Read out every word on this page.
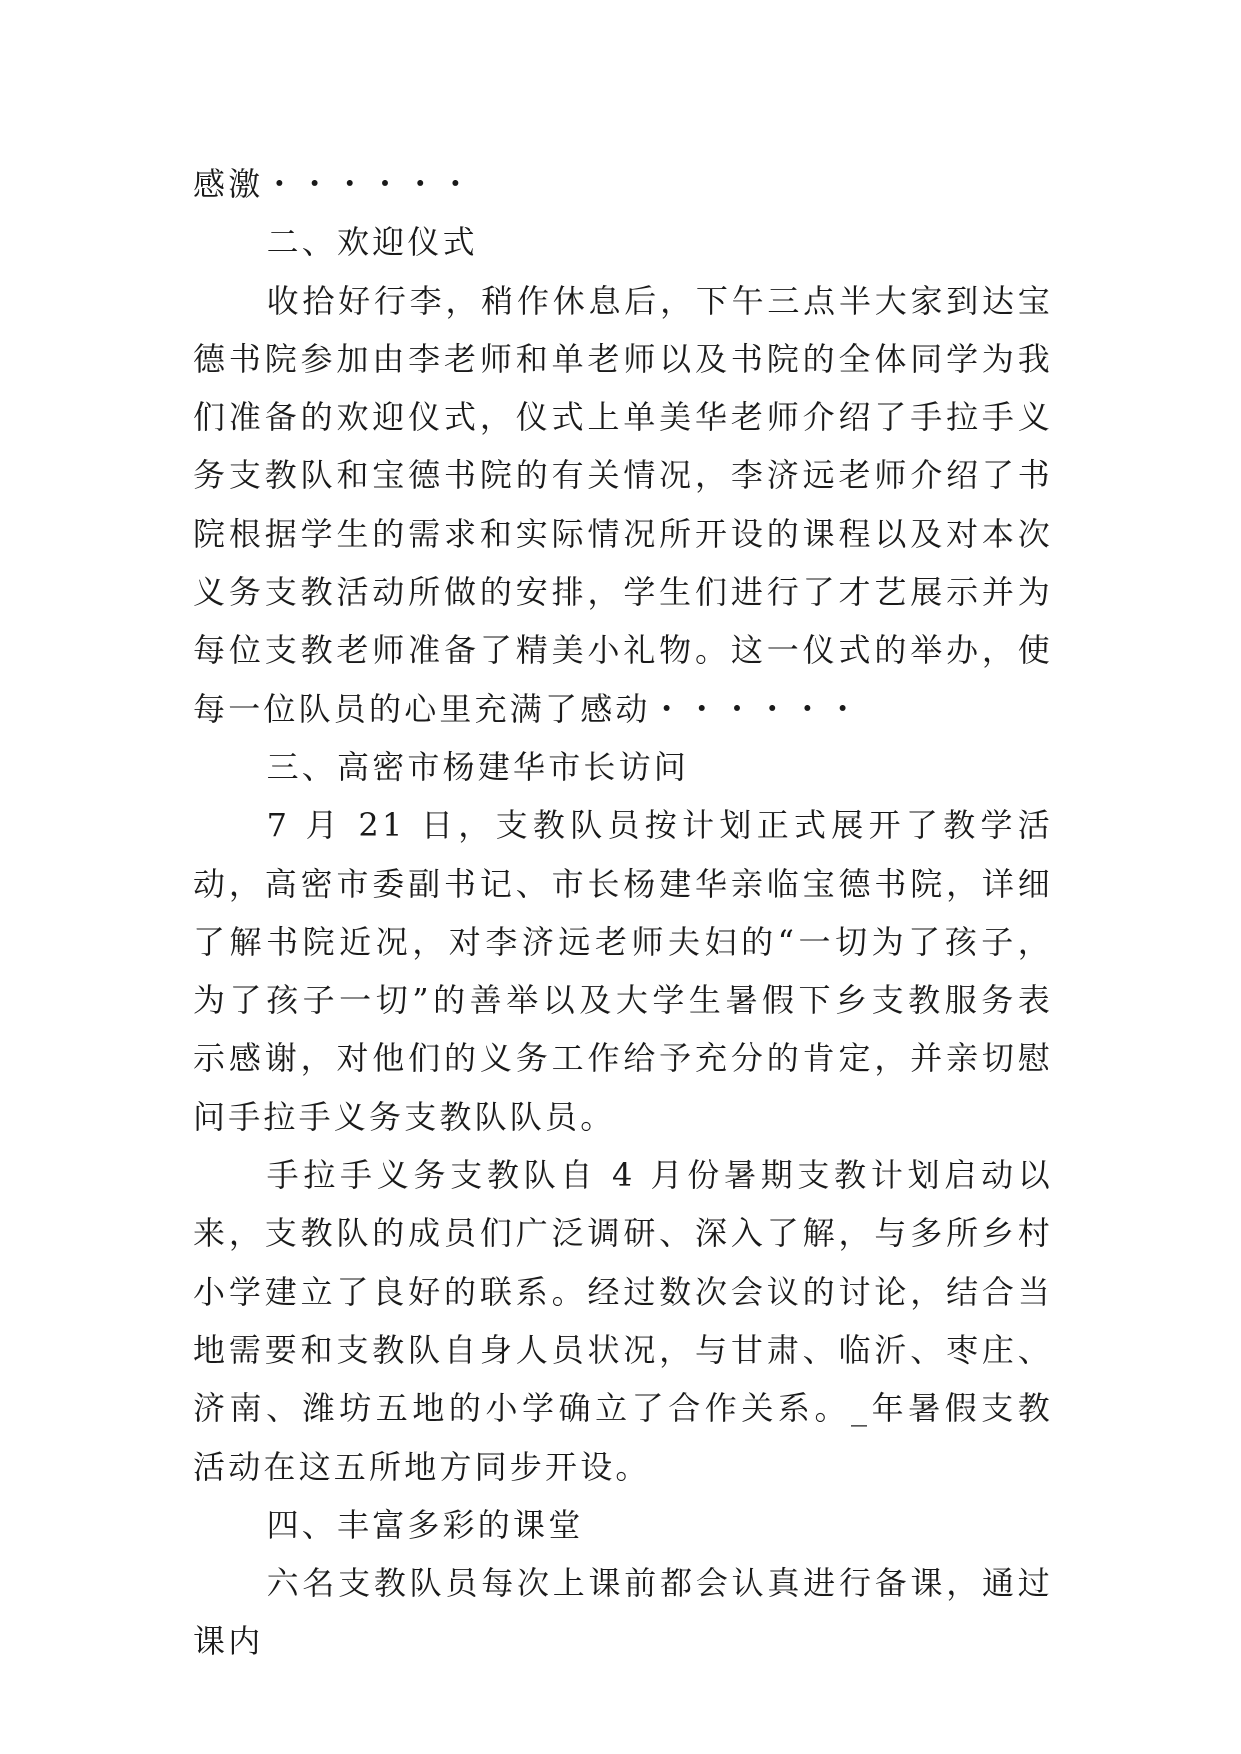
感激・・・・・・

二、欢迎仪式

收拾好行李，稍作休息后，下午三点半大家到达宝德书院参加由李老师和单老师以及书院的全体同学为我们准备的欢迎仪式，仪式上单美华老师介绍了手拉手义务支教队和宝德书院的有关情况，李济远老师介绍了书院根据学生的需求和实际情况所开设的课程以及对本次义务支教活动所做的安排，学生们进行了才艺展示并为每位支教老师准备了精美小礼物。这一仪式的举办，使每一位队员的心里充满了感动・・・・・・

三、高密市杨建华市长访问

7 月 21 日，支教队员按计划正式展开了教学活动，高密市委副书记、市长杨建华亲临宝德书院，详细了解书院近况，对李济远老师夫妇的“一切为了孩子，为了孩子一切”的善举以及大学生暑假下乡支教服务表示感谢，对他们的义务工作给予充分的肯定，并亲切慰问手拉手义务支教队队员。

手拉手义务支教队自 4 月份暑期支教计划启动以来，支教队的成员们广泛调研、深入了解，与多所乡村小学建立了良好的联系。经过数次会议的讨论，结合当地需要和支教队自身人员状况，与甘肃、临沂、枣庄、济南、潍坊五地的小学确立了合作关系。_年暑假支教活动在这五所地方同步开设。

四、丰富多彩的课堂

六名支教队员每次上课前都会认真进行备课，通过课内
